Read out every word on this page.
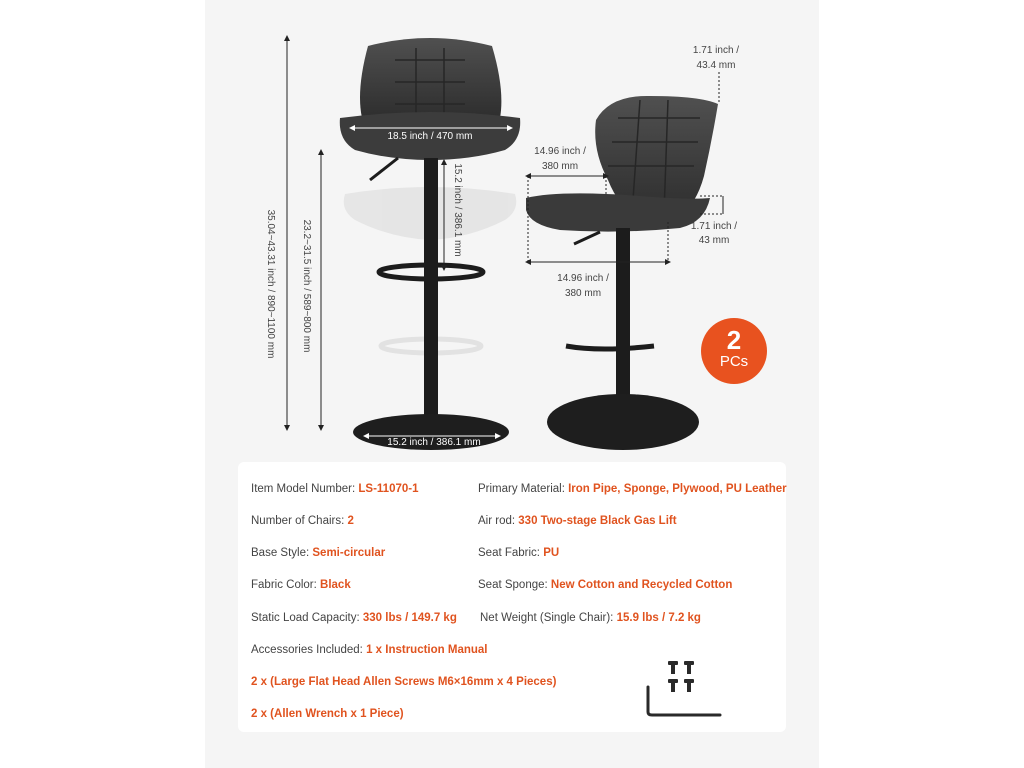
35.04~43.31 inch / 890~1100 mm	23.2~31.5 inch / 589~800 mm
18.5 inch / 470 mm
15.2 inch / 386.1 mm
15.2 inch / 386.1 mm
1.71 inch /
43.4 mm
1.71 inch /
43 mm
14.96 inch /
380 mm
14.96 inch /
380 mm
2
PCs
Item Model Number: LS-11070-1
Number of Chairs: 2
Base Style: Semi-circular
Fabric Color: Black
Static Load Capacity: 330 lbs / 149.7 kg
Accessories Included: 1 x Instruction Manual
2 x (Large Flat Head Allen Screws M6×16mm x 4 Pieces)
2 x (Allen Wrench x 1 Piece)
Primary Material: Iron Pipe, Sponge, Plywood, PU Leather
Air rod: 330 Two-stage Black Gas Lift
Seat Fabric: PU
Seat Sponge: New Cotton and Recycled Cotton
Net Weight (Single Chair): 15.9 lbs / 7.2 kg
